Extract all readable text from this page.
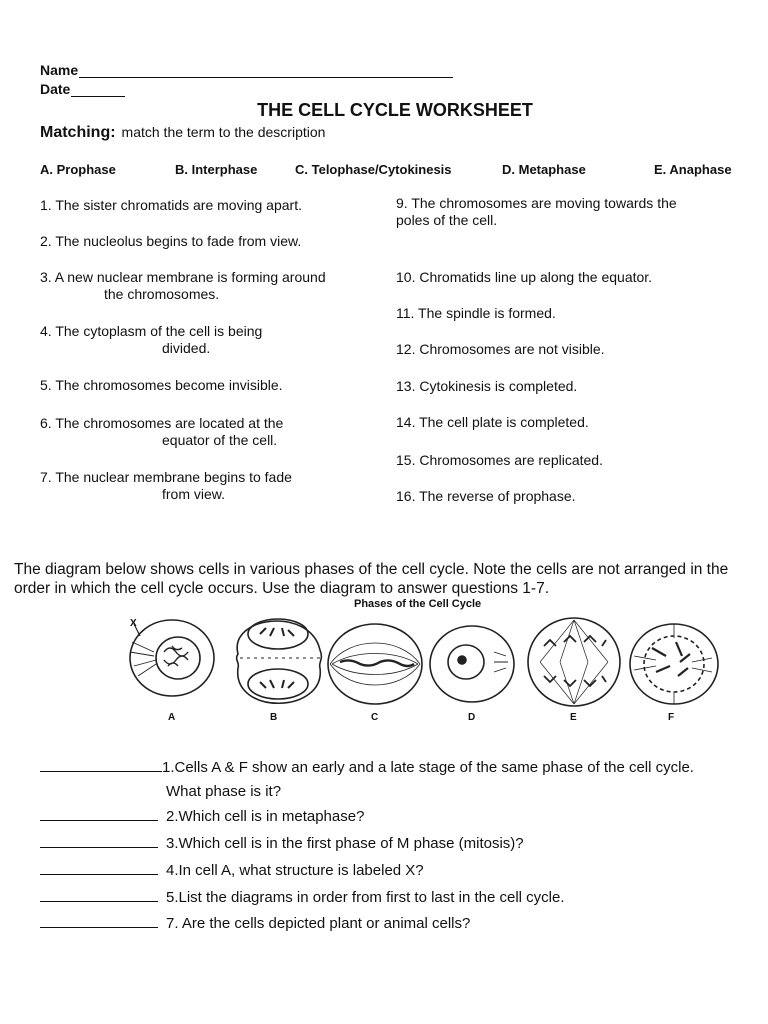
Name
Date
THE CELL CYCLE WORKSHEET
Matching: match the term to the description
A. Prophase	B. Interphase	C. Telophase/Cytokinesis	D. Metaphase	E. Anaphase
1. The sister chromatids are moving apart.
2. The nucleolus begins to fade from view.
3. A new nuclear membrane is forming around
the chromosomes.
4. The cytoplasm of the cell is being
divided.
5. The chromosomes become invisible.
6. The chromosomes are located at the
equator of the cell.
7. The nuclear membrane begins to fade
from view.
9. The chromosomes are moving towards the
poles of the cell.
10. Chromatids line up along the equator.
11. The spindle is formed.
12. Chromosomes are not visible.
13. Cytokinesis is completed.
14. The cell plate is completed.
15. Chromosomes are replicated.
16. The reverse of prophase.
The diagram below shows cells in various phases of the cell cycle. Note the cells are not arranged in the order in which the cell cycle occurs. Use the diagram to answer questions 1-7.
Phases of the Cell Cycle
X
A	B	C	D	E	F
1.Cells A & F show an early and a late stage of the same phase of the cell cycle.
What phase is it?
2.Which cell is in metaphase?
3.Which cell is in the first phase of M phase (mitosis)?
4.In cell A, what structure is labeled X?
5.List the diagrams in order from first to last in the cell cycle.
7. Are the cells depicted plant or animal cells?
